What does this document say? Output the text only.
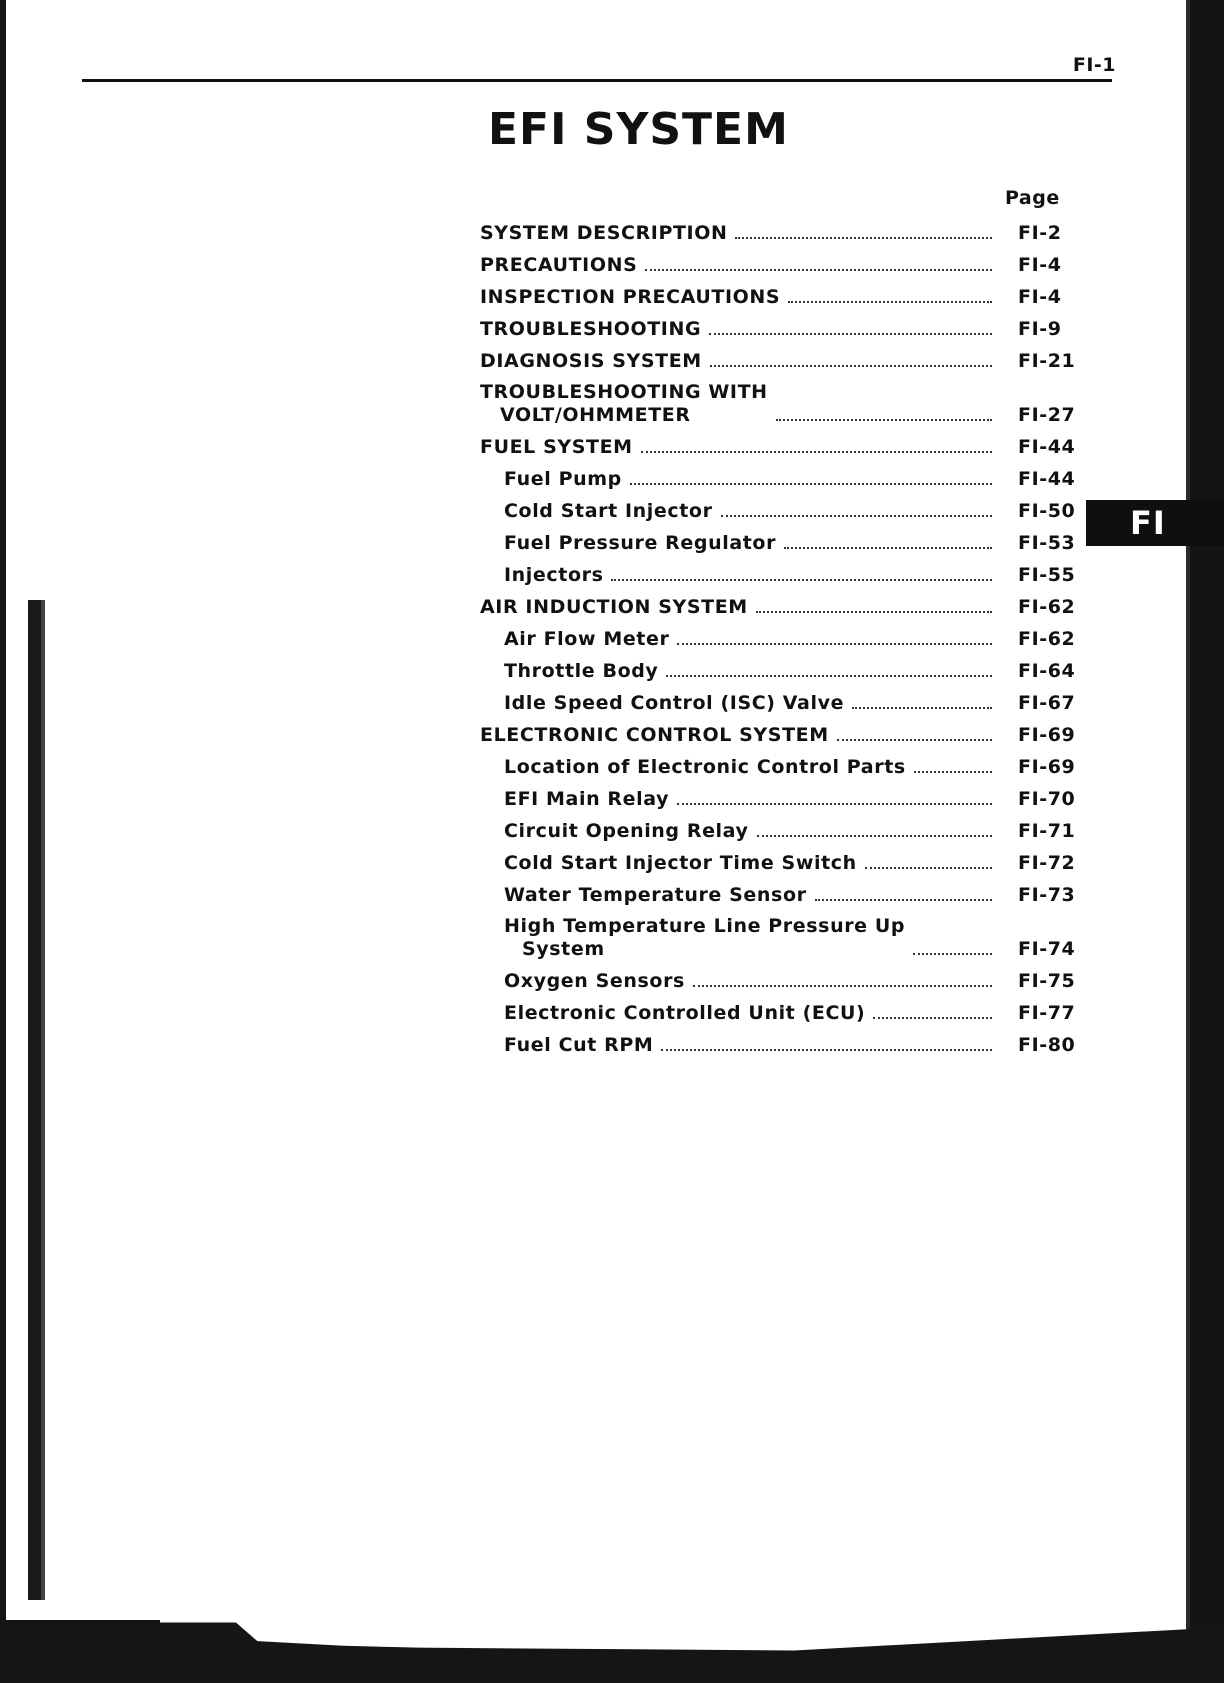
FI-1
EFI SYSTEM
Page
SYSTEM DESCRIPTION	FI-2
PRECAUTIONS	FI-4
INSPECTION PRECAUTIONS	FI-4
TROUBLESHOOTING	FI-9
DIAGNOSIS SYSTEM	FI-21
TROUBLESHOOTING WITH
VOLT/OHMMETER	FI-27
FUEL SYSTEM	FI-44
Fuel Pump	FI-44
Cold Start Injector	FI-50
Fuel Pressure Regulator	FI-53
Injectors	FI-55
AIR INDUCTION SYSTEM	FI-62
Air Flow Meter	FI-62
Throttle Body	FI-64
Idle Speed Control (ISC) Valve	FI-67
ELECTRONIC CONTROL SYSTEM	FI-69
Location of Electronic Control Parts	FI-69
EFI Main Relay	FI-70
Circuit Opening Relay	FI-71
Cold Start Injector Time Switch	FI-72
Water Temperature Sensor	FI-73
High Temperature Line Pressure Up
System	FI-74
Oxygen Sensors	FI-75
Electronic Controlled Unit (ECU)	FI-77
Fuel Cut RPM	FI-80
FI
